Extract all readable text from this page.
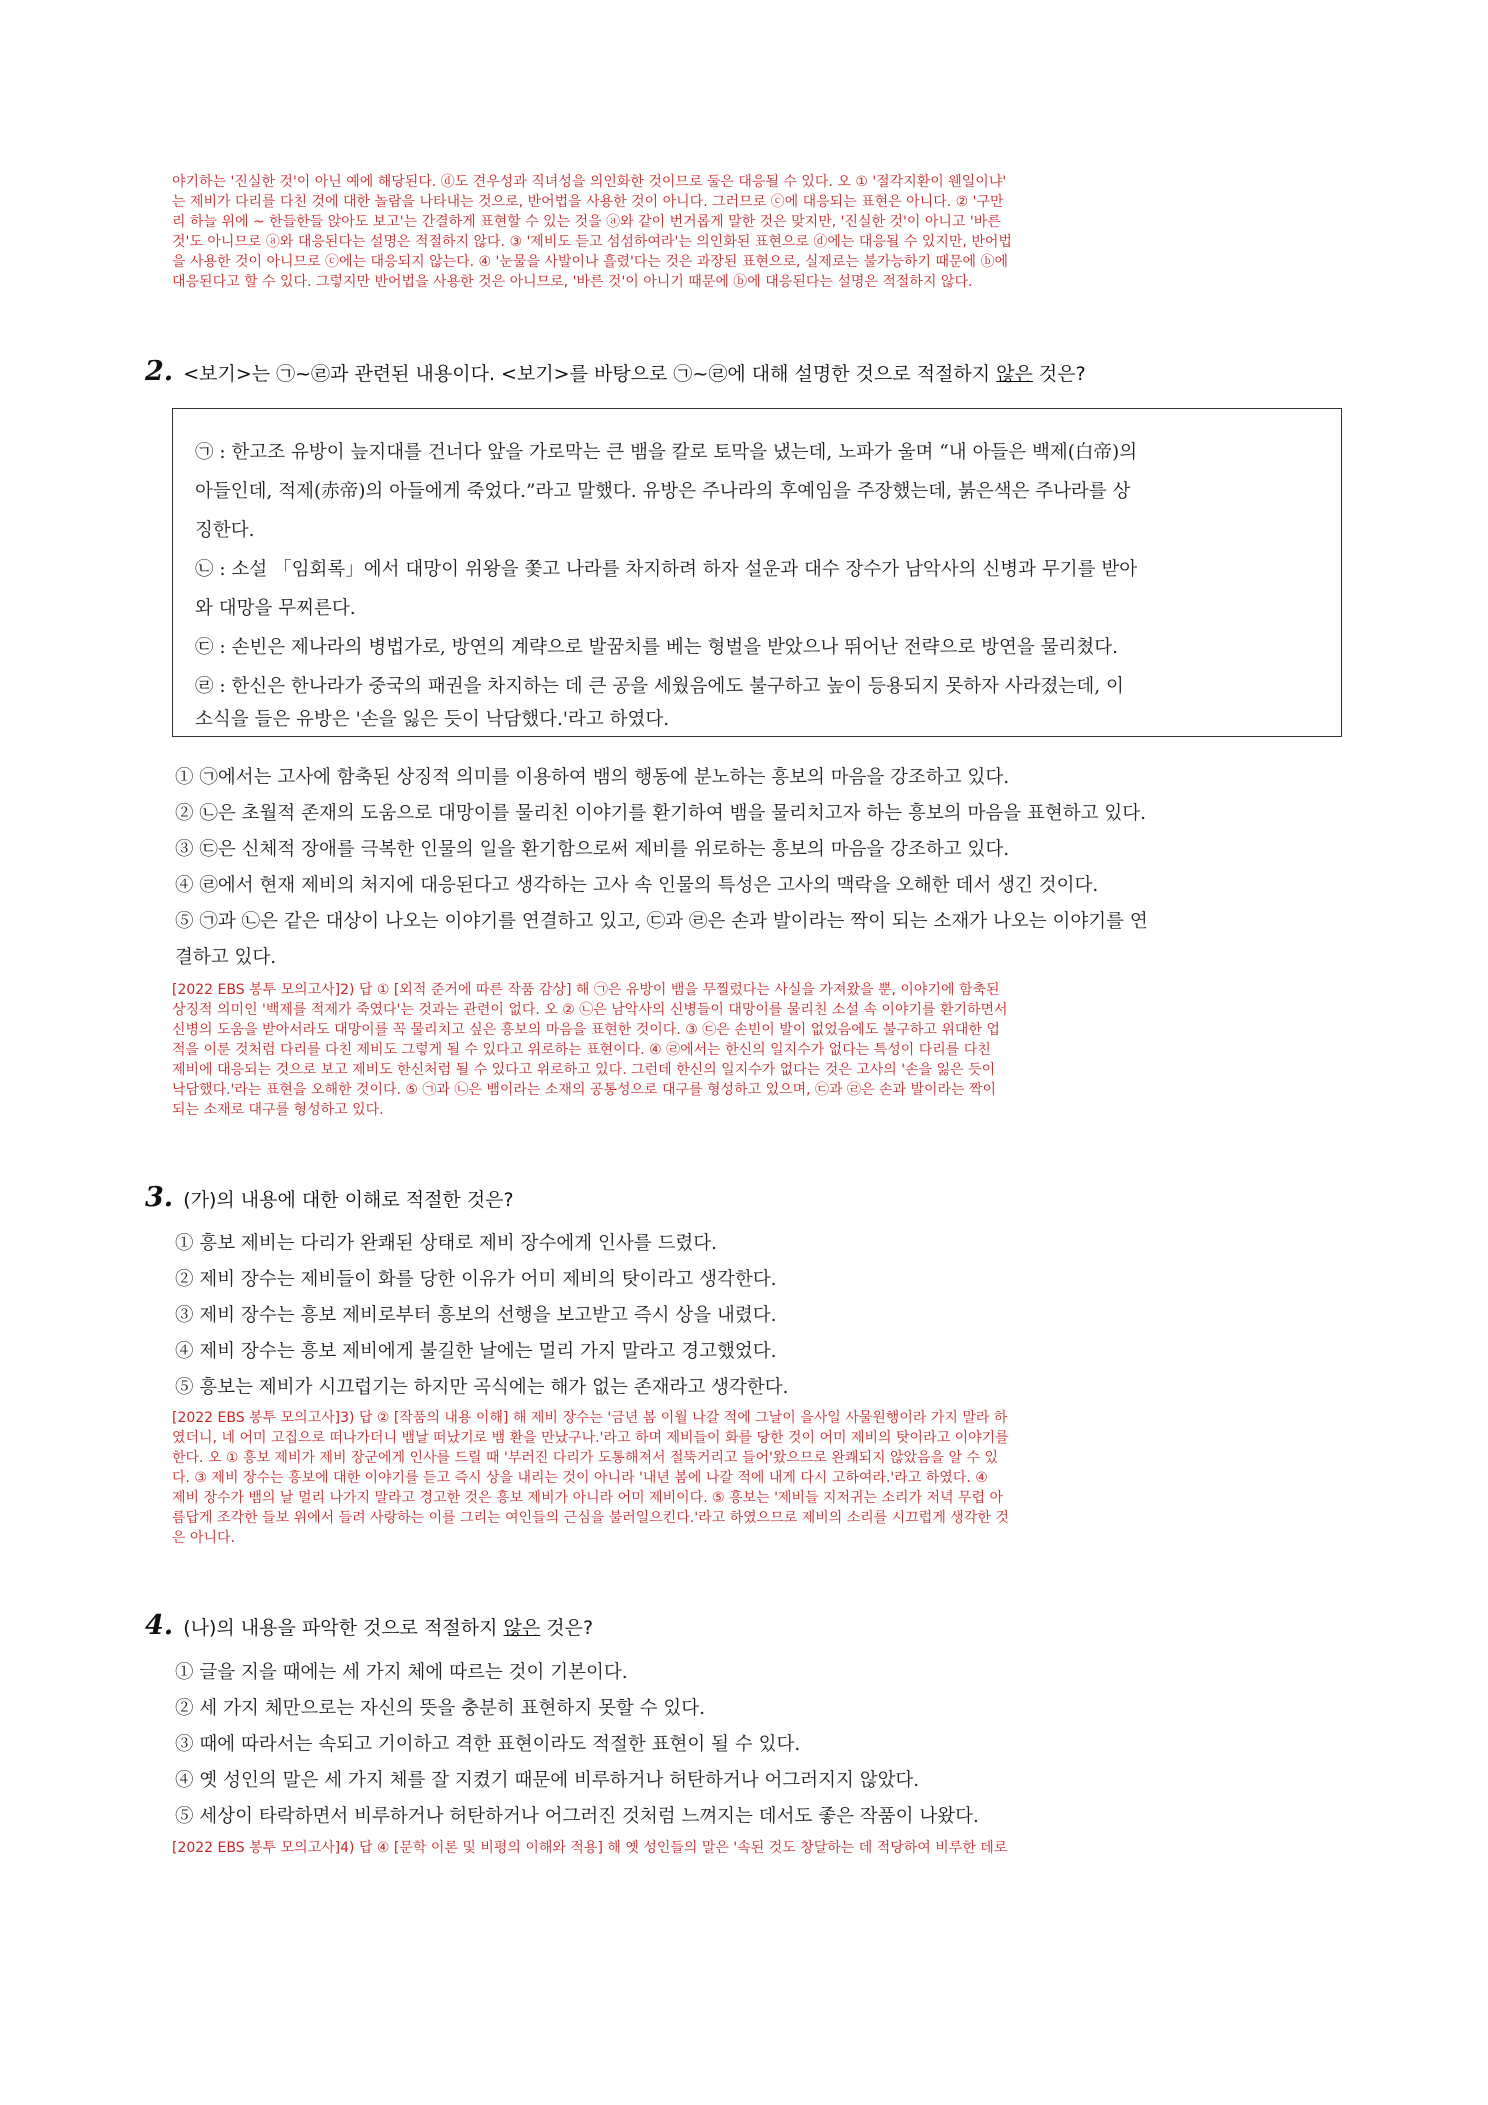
야기하는 '진실한 것'이 아닌 예에 해당된다. ⓓ도 견우성과 직녀성을 의인화한 것이므로 둘은 대응될 수 있다. 오 ① '절각지환이 웬일이냐'
는 제비가 다리를 다친 것에 대한 놀람을 나타내는 것으로, 반어법을 사용한 것이 아니다. 그러므로 ⓒ에 대응되는 표현은 아니다. ② '구만
리 하늘 위에 ~ 한들한들 앉아도 보고'는 간결하게 표현할 수 있는 것을 ⓐ와 같이 번거롭게 말한 것은 맞지만, '진실한 것'이 아니고 '바른
것'도 아니므로 ⓐ와 대응된다는 설명은 적절하지 않다. ③ '제비도 듣고 섬섬하여라'는 의인화된 표현으로 ⓓ에는 대응될 수 있지만, 반어법
을 사용한 것이 아니므로 ⓒ에는 대응되지 않는다. ④ '눈물을 사발이나 흘렸'다는 것은 과장된 표현으로, 실제로는 불가능하기 때문에 ⓑ에
대응된다고 할 수 있다. 그렇지만 반어법을 사용한 것은 아니므로, '바른 것'이 아니기 때문에 ⓑ에 대응된다는 설명은 적절하지 않다.
2. <보기>는 ㉠~㉣과 관련된 내용이다. <보기>를 바탕으로 ㉠~㉣에 대해 설명한 것으로 적절하지 않은 것은?
㉠ : 한고조 유방이 늪지대를 건너다 앞을 가로막는 큰 뱀을 칼로 토막을 냈는데, 노파가 울며 “내 아들은 백제(白帝)의
아들인데, 적제(赤帝)의 아들에게 죽었다.”라고 말했다. 유방은 주나라의 후예임을 주장했는데, 붉은색은 주나라를 상
징한다.
㉡ : 소설 「임회록」에서 대망이 위왕을 쫓고 나라를 차지하려 하자 설운과 대수 장수가 남악사의 신병과 무기를 받아
와 대망을 무찌른다.
㉢ : 손빈은 제나라의 병법가로, 방연의 계략으로 발꿈치를 베는 형벌을 받았으나 뛰어난 전략으로 방연을 물리쳤다.
㉣ : 한신은 한나라가 중국의 패권을 차지하는 데 큰 공을 세웠음에도 불구하고 높이 등용되지 못하자 사라졌는데, 이
소식을 들은 유방은 '손을 잃은 듯이 낙담했다.'라고 하였다.
① ㉠에서는 고사에 함축된 상징적 의미를 이용하여 뱀의 행동에 분노하는 흥보의 마음을 강조하고 있다.
② ㉡은 초월적 존재의 도움으로 대망이를 물리친 이야기를 환기하여 뱀을 물리치고자 하는 흥보의 마음을 표현하고 있다.
③ ㉢은 신체적 장애를 극복한 인물의 일을 환기함으로써 제비를 위로하는 흥보의 마음을 강조하고 있다.
④ ㉣에서 현재 제비의 처지에 대응된다고 생각하는 고사 속 인물의 특성은 고사의 맥락을 오해한 데서 생긴 것이다.
⑤ ㉠과 ㉡은 같은 대상이 나오는 이야기를 연결하고 있고, ㉢과 ㉣은 손과 발이라는 짝이 되는 소재가 나오는 이야기를 연
결하고 있다.
[2022 EBS 봉투 모의고사]2) 답 ① [외적 준거에 따른 작품 감상] 해 ㉠은 유방이 뱀을 무찔렀다는 사실을 가져왔을 뿐, 이야기에 함축된
상징적 의미인 '백제를 적제가 죽였다'는 것과는 관련이 없다. 오 ② ㉡은 남악사의 신병들이 대망이를 물리친 소설 속 이야기를 환기하면서
신병의 도움을 받아서라도 대망이를 꼭 물리치고 싶은 흥보의 마음을 표현한 것이다. ③ ㉢은 손빈이 발이 없었음에도 불구하고 위대한 업
적을 이룬 것처럼 다리를 다친 제비도 그렇게 될 수 있다고 위로하는 표현이다. ④ ㉣에서는 한신의 일지수가 없다는 특성이 다리를 다친
제비에 대응되는 것으로 보고 제비도 한신처럼 될 수 있다고 위로하고 있다. 그런데 한신의 일지수가 없다는 것은 고사의 '손을 잃은 듯이
낙담했다.'라는 표현을 오해한 것이다. ⑤ ㉠과 ㉡은 뱀이라는 소재의 공통성으로 대구를 형성하고 있으며, ㉢과 ㉣은 손과 발이라는 짝이
되는 소재로 대구를 형성하고 있다.
3. (가)의 내용에 대한 이해로 적절한 것은?
① 흥보 제비는 다리가 완쾌된 상태로 제비 장수에게 인사를 드렸다.
② 제비 장수는 제비들이 화를 당한 이유가 어미 제비의 탓이라고 생각한다.
③ 제비 장수는 흥보 제비로부터 흥보의 선행을 보고받고 즉시 상을 내렸다.
④ 제비 장수는 흥보 제비에게 불길한 날에는 멀리 가지 말라고 경고했었다.
⑤ 흥보는 제비가 시끄럽기는 하지만 곡식에는 해가 없는 존재라고 생각한다.
[2022 EBS 봉투 모의고사]3) 답 ② [작품의 내용 이해] 해 제비 장수는 '금년 봄 이월 나갈 적에 그날이 을사일 사물원행이라 가지 말라 하
였더니, 네 어미 고집으로 떠나가더니 뱀날 떠났기로 뱀 환을 만났구나.'라고 하며 제비들이 화를 당한 것이 어미 제비의 탓이라고 이야기를
한다. 오 ① 흥보 제비가 제비 장군에게 인사를 드릴 때 '부러진 다리가 도통해져서 절뚝거리고 들어'왔으므로 완쾌되지 않았음을 알 수 있
다. ③ 제비 장수는 흥보에 대한 이야기를 듣고 즉시 상을 내리는 것이 아니라 '내년 봄에 나갈 적에 내게 다시 고하여라.'라고 하였다. ④
제비 장수가 뱀의 날 멀리 나가지 말라고 경고한 것은 흥보 제비가 아니라 어미 제비이다. ⑤ 흥보는 '제비들 지저귀는 소리가 저녁 무렵 아
름답게 조각한 들보 위에서 들려 사랑하는 이를 그리는 여인들의 근심을 불러일으킨다.'라고 하였으므로 제비의 소리를 시끄럽게 생각한 것
은 아니다.
4. (나)의 내용을 파악한 것으로 적절하지 않은 것은?
① 글을 지을 때에는 세 가지 체에 따르는 것이 기본이다.
② 세 가지 체만으로는 자신의 뜻을 충분히 표현하지 못할 수 있다.
③ 때에 따라서는 속되고 기이하고 격한 표현이라도 적절한 표현이 될 수 있다.
④ 옛 성인의 말은 세 가지 체를 잘 지켰기 때문에 비루하거나 허탄하거나 어그러지지 않았다.
⑤ 세상이 타락하면서 비루하거나 허탄하거나 어그러진 것처럼 느껴지는 데서도 좋은 작품이 나왔다.
[2022 EBS 봉투 모의고사]4) 답 ④ [문학 이론 및 비평의 이해와 적용] 해 옛 성인들의 말은 '속된 것도 창달하는 데 적당하여 비루한 데로
